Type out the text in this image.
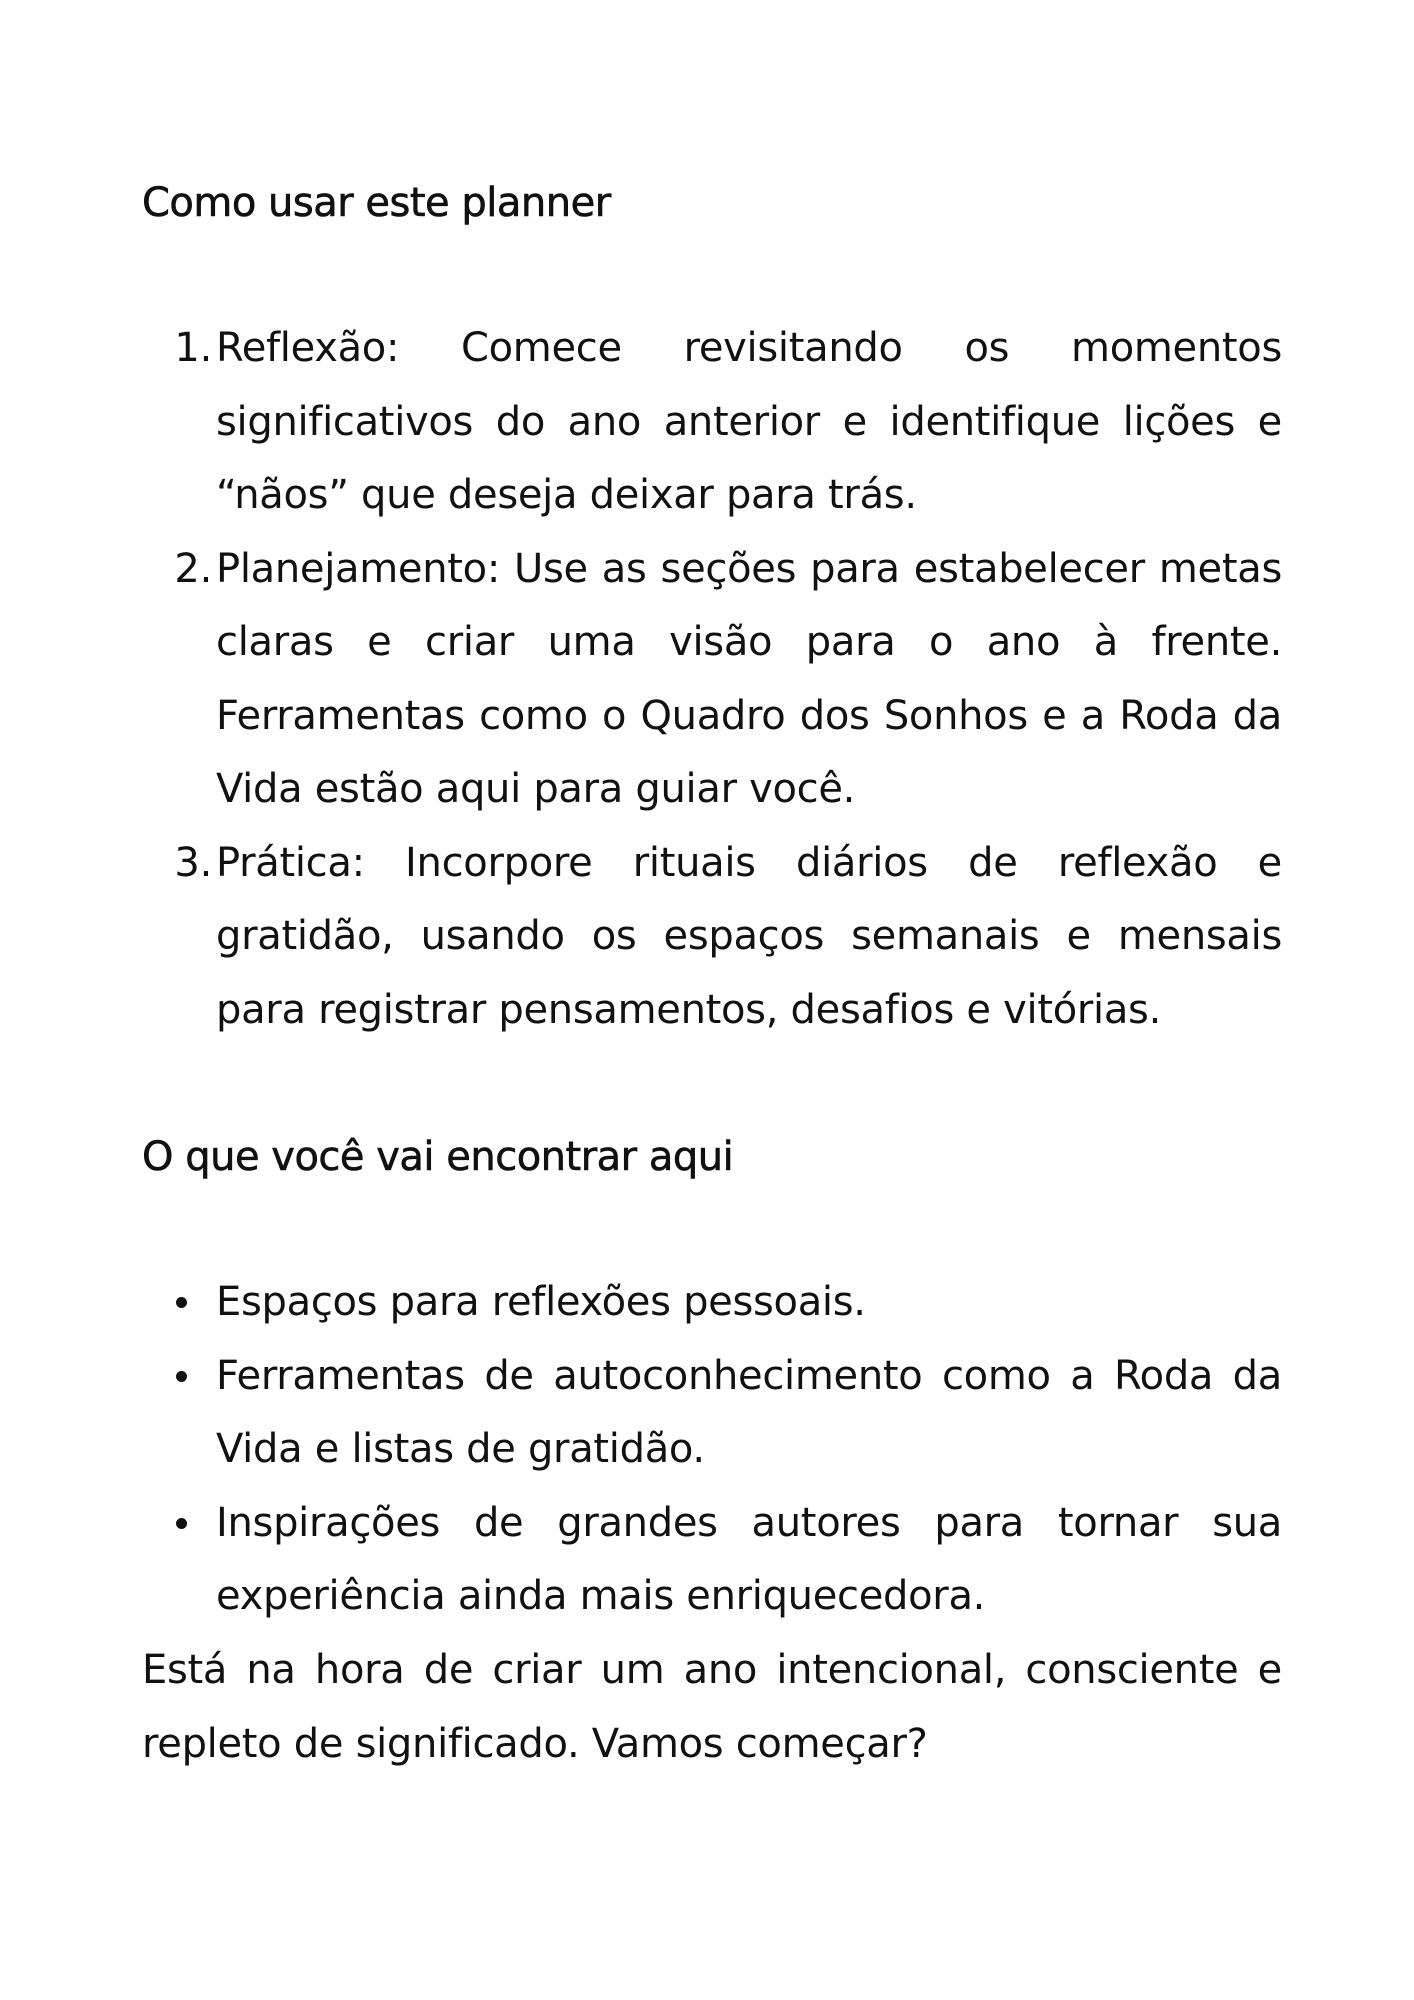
Como usar este planner
1. Reflexão: Comece revisitando os momentos significativos do ano anterior e identifique lições e “nãos” que deseja deixar para trás.
2. Planejamento: Use as seções para estabelecer metas claras e criar uma visão para o ano à frente. Ferramentas como o Quadro dos Sonhos e a Roda da Vida estão aqui para guiar você.
3. Prática: Incorpore rituais diários de reflexão e gratidão, usando os espaços semanais e mensais para registrar pensamentos, desafios e vitórias.
O que você vai encontrar aqui
Espaços para reflexões pessoais.
Ferramentas de autoconhecimento como a Roda da Vida e listas de gratidão.
Inspirações de grandes autores para tornar sua experiência ainda mais enriquecedora.

Está na hora de criar um ano intencional, consciente e repleto de significado. Vamos começar?
